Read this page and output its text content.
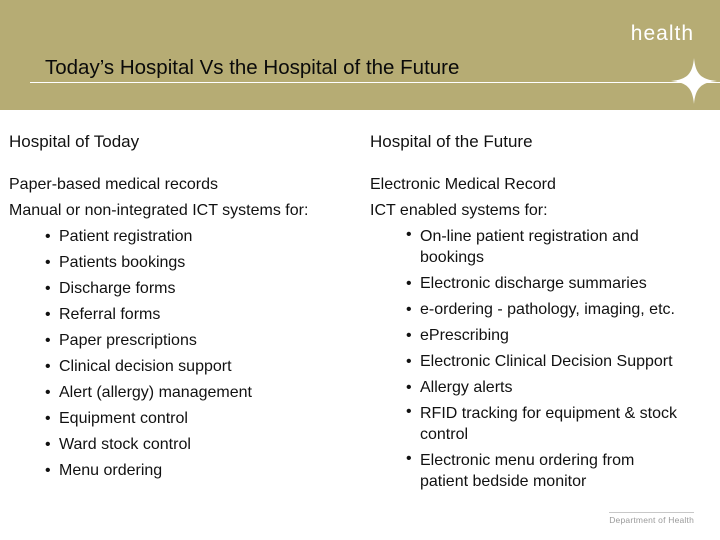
health
Today’s Hospital Vs the Hospital of the Future
Hospital of Today	Hospital of the Future
Paper-based medical records
Manual or non-integrated ICT systems for:
• Patient registration
• Patients bookings
• Discharge forms
• Referral forms
• Paper prescriptions
• Clinical decision support
• Alert (allergy) management
• Equipment control
• Ward stock control
• Menu ordering
Electronic Medical Record
ICT enabled systems for:
• On-line patient registration and bookings
• Electronic discharge summaries
• e-ordering - pathology, imaging, etc.
• ePrescribing
• Electronic Clinical Decision Support
• Allergy alerts
• RFID tracking for equipment & stock control
• Electronic menu ordering from patient bedside monitor
Department of Health
